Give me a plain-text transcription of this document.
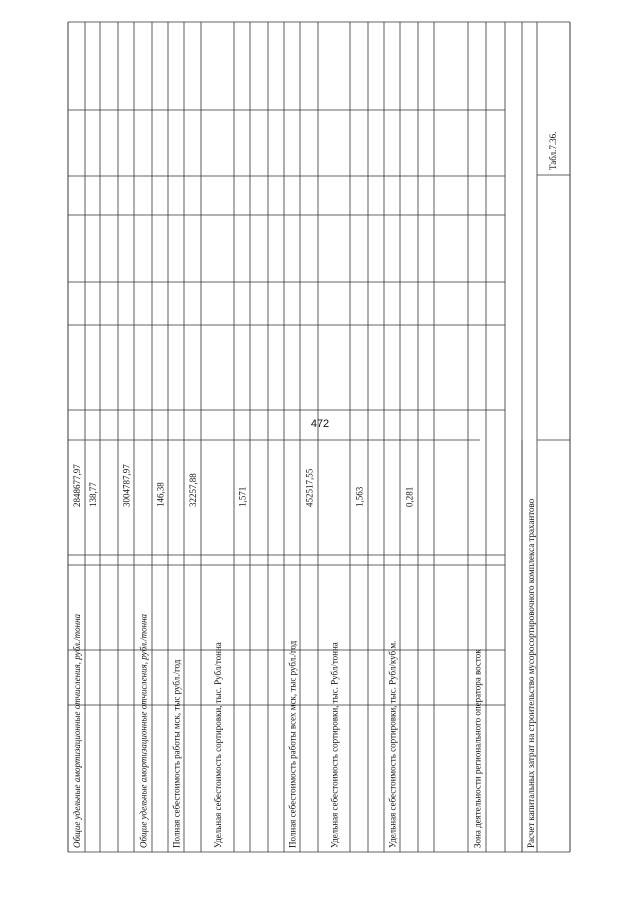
472
Общие удельные амортизационные отчисления, рубл./тонна
2848677,97 138,77	3004787,97
Общие удельные амортизационные отчисления, рубл./тонна
146,38
Полная себестоимость работы мск, тыс рубл./год
32257,88
Удельная себестоимость сортировки, тыс. Рубл/тонна
1,571
Полная себестоимость работы всех мск, тыс рубл./год
452517,55
Удельная себестоимость сортировки, тыс. Рубл/тонна
1,563
Удельная себестоимость сортировки, тыс. Рубл/куб.м.
0,281
Зона деятельности регионального оператора восток	Расчет капитальных затрат на строительство мусоросортировочного комплекса трахантово
Табл.7.36.
